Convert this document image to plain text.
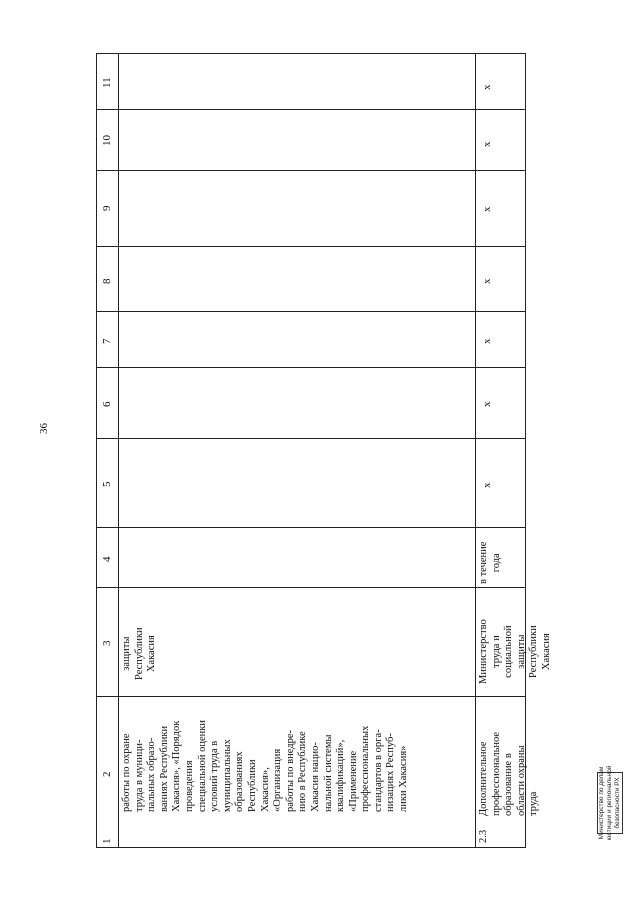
36
1
2
3
4
5
6
7
8
9
10
11
работы по охране
труда в муници-
пальных образо-
ваниях Республики
Хакасия», «Порядок
проведения
специальной оценки
условий труда в
муниципальных
образованиях
Республики
Хакасия»,
«Организация
работы по внедре-
нию в Республике
Хакасия нацио-
нальной системы
квалификаций»,
«Применение
профессиональных
стандартов в орга-
низациях Респуб-
лики Хакасия»
защиты
Республики
Хакасия
2.3
Дополнительное
профессиональное
образование в
области охраны
труда
Министерство
труда и
социальной
защиты
Республики
Хакасия
в течение
года
x
x
x
x
x
x
x
Министерство по делам юстиции и региональной безопасности РХ
